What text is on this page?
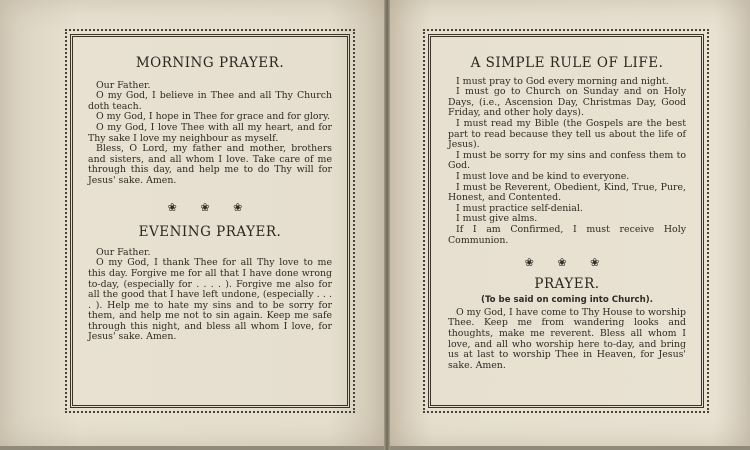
MORNING PRAYER.

Our Father.

O my God, I believe in Thee and all Thy Church doth teach.

O my God, I hope in Thee for grace and for glory.

O my God, I love Thee with all my heart, and for Thy sake I love my neighbour as myself.

Bless, O Lord, my father and mother, brothers and sisters, and all whom I love. Take care of me through this day, and help me to do Thy will for Jesus' sake. Amen.

❀ ❀ ❀
EVENING PRAYER.

Our Father.

O my God, I thank Thee for all Thy love to me this day. Forgive me for all that I have done wrong to-day, (especially for . . . . ). Forgive me also for all the good that I have left undone, (especially . . . . ). Help me to hate my sins and to be sorry for them, and help me not to sin again. Keep me safe through this night, and bless all whom I love, for Jesus' sake. Amen.

A SIMPLE RULE OF LIFE.

I must pray to God every morning and night.

I must go to Church on Sunday and on Holy Days, (i.e., Ascension Day, Christmas Day, Good Friday, and other holy days).

I must read my Bible (the Gospels are the best part to read because they tell us about the life of Jesus).

I must be sorry for my sins and confess them to God.

I must love and be kind to everyone.

I must be Reverent, Obedient, Kind, True, Pure, Honest, and Contented.

I must practice self-denial.

I must give alms.

If I am Confirmed, I must receive Holy Communion.

❀ ❀ ❀
PRAYER.
(To be said on coming into Church).

O my God, I have come to Thy House to worship Thee. Keep me from wandering looks and thoughts, make me reverent. Bless all whom I love, and all who worship here to-day, and bring us at last to worship Thee in Heaven, for Jesus' sake. Amen.
